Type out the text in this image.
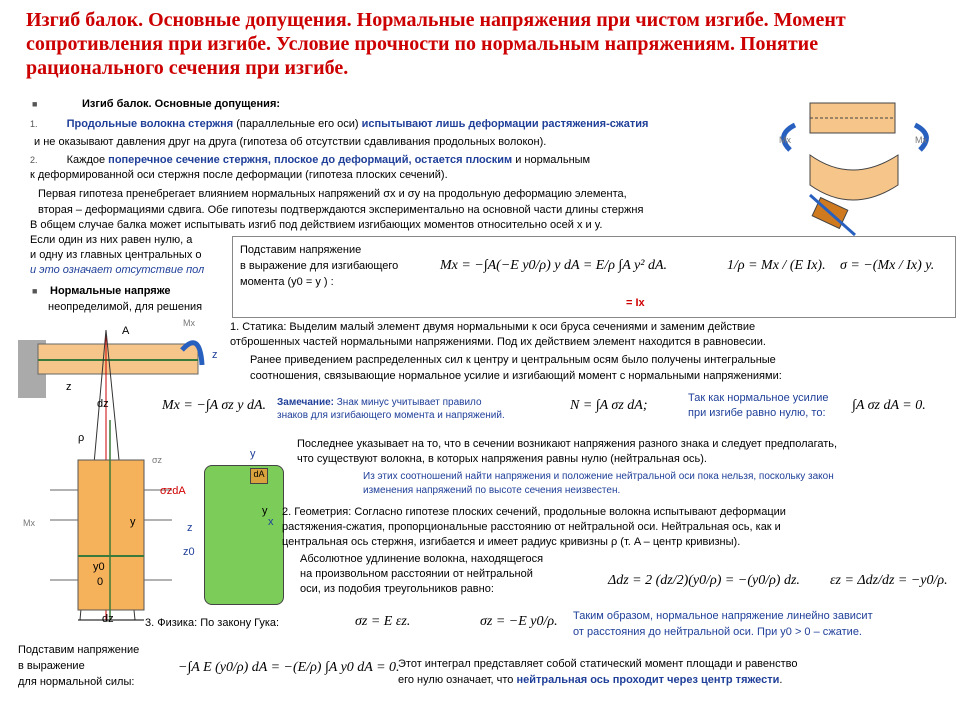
Изгиб балок. Основные допущения. Нормальные напряжения при чистом изгибе. Момент сопротивления при изгибе. Условие прочности по нормальным напряжениям. Понятие рационального сечения при изгибе.
■	Изгиб балок. Основные допущения:
1.	Продольные волокна стержня (параллельные его оси) испытывают лишь деформации растяжения-сжатия
и не оказывают давления друг на друга (гипотеза об отсутствии сдавливания продольных волокон).
2.	Каждое поперечное сечение стержня, плоское до деформаций, остается плоским и нормальным
к деформированной оси стержня после деформации (гипотеза плоских сечений).
Первая гипотеза пренебрегает влиянием нормальных напряжений σx и σy на продольную деформацию элемента,
вторая – деформациями сдвига. Обе гипотезы подтверждаются экспериментально на основной части длины стержня
В общем случае балка может испытывать изгиб под действием изгибающих моментов относительно осей x и y.
Если один из них равен нулю, а
и одну из главных центральных о
и это означает отсутствие пол
■ Нормальные напряже
неопределимой, для решения
Mx	Mx
Подставим напряжение
в выражение для изгибающего
момента (y0 = y ) :
Mx = −∫A(−E y0/ρ) y dA = E/ρ ∫A y² dA.	1/ρ = Mx / (E Ix). σ = −(Mx / Ix) y.
= Ix
1. Статика: Выделим малый элемент двумя нормальными к оси бруса сечениями и заменим действие
отброшенных частей нормальными напряжениями. Под их действием элемент находится в равновесии.
Ранее приведением распределенных сил к центру и центральным осям было получены интегральные
соотношения, связывающие нормальное усилие и изгибающий момент с нормальными напряжениями:
Mx = −∫A σz y dA. Замечание: Знак минус учитывает правило
знаков для изгибающего момента и напряжений.
N = ∫A σz dA;	Так как нормальное усилие
при изгибе равно нулю, то: ∫A σz dA = 0.
Последнее указывает на то, что в сечении возникают напряжения разного знака и следует предполагать,
что существуют волокна, в которых напряжения равны нулю (нейтральная ось).
Из этих соотношений найти напряжения и положение нейтральной оси пока нельзя, поскольку закон
изменения напряжений по высоте сечения неизвестен.
A
Mx
z
z
dz
ρ
σz
σzdA
Mx	y
y0
0
z
z0
dz
dA
y
x
y 2. Геометрия: Согласно гипотезе плоских сечений, продольные волокна испытывают деформации
растяжения-сжатия, пропорциональные расстоянию от нейтральной оси. Нейтральная ось, как и
центральная ось стержня, изгибается и имеет радиус кривизны ρ (т. A – центр кривизны).
Абсолютное удлинение волокна, находящегося
на произвольном расстоянии от нейтральной
оси, из подобия треугольников равно:
Δdz = 2 (dz/2)(y0/ρ) = −(y0/ρ) dz. εz = Δdz/dz = −y0/ρ.
3. Физика: По закону Гука:	σz = E εz.	σz = −E y0/ρ. Таким образом, нормальное напряжение линейно зависит
от расстояния до нейтральной оси. При y0 > 0 – сжатие.
Подставим напряжение
в выражение
для нормальной силы:
−∫A E (y0/ρ) dA = −(E/ρ) ∫A y0 dA = 0.
Этот интеграл представляет собой статический момент площади и равенство
его нулю означает, что нейтральная ось проходит через центр тяжести.
